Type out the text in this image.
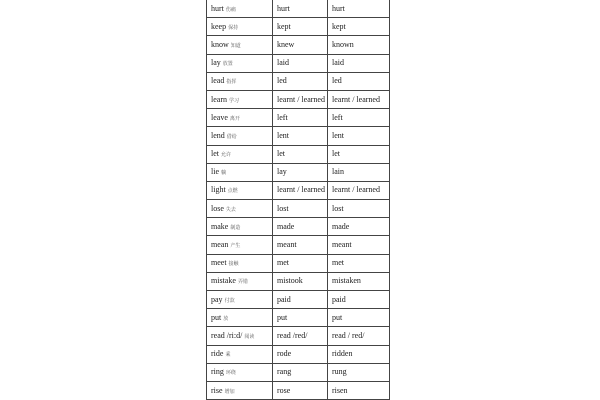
hurt 伤痛	hurt	hurt
keep 保持	kept	kept
know 知道	knew	known
lay 放置	laid	laid
lead 指挥	led	led
learn 学习	learnt / learned	learnt / learned
leave 离开	left	left
lend 借给	lent	lent
let 允许	let	let
lie 躺	lay	lain
light 点燃	learnt / learned	learnt / learned
lose 失去	lost	lost
make 制造	made	made
mean 产生	meant	meant
meet 接触	met	met
mistake 弄错	mistook	mistaken
pay 付款	paid	paid
put 放	put	put
read /ri:d/ 阅读	read /red/	read / red/
ride 乘	rode	ridden
ring 环绕	rang	rung
rise 增加	rose	risen
